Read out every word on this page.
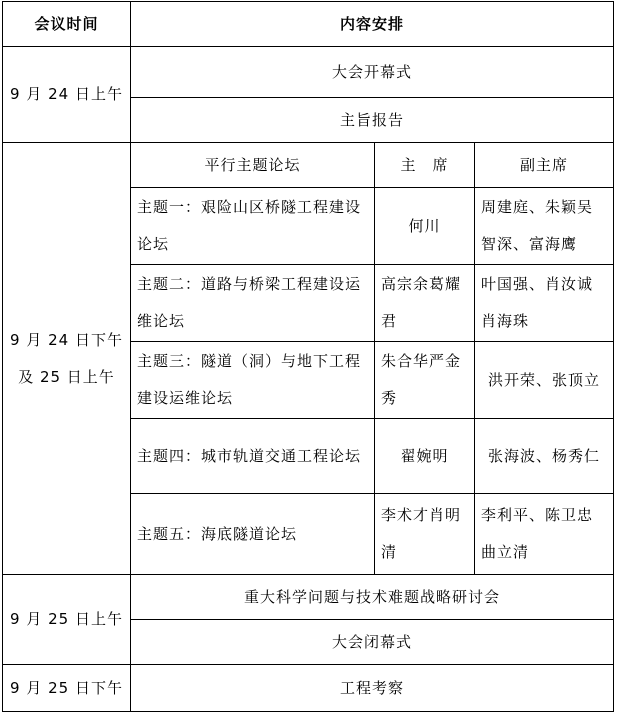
会议时间	内容安排		
9 月 24 日上午	大会开幕式		
	主旨报告		

9 月 24 日下午
及 25 日上午	平行主题论坛	主　席	副主席
	主题一：艰险山区桥隧工程建设论坛	何川	周建庭、朱颖吴智深、富海鹰
	主题二：道路与桥梁工程建设运维论坛	高宗余葛耀君	叶国强、肖汝诚肖海珠
	主题三：隧道（洞）与地下工程建设运维论坛	朱合华严金秀	洪开荣、张顶立
	主题四：城市轨道交通工程论坛	翟婉明	张海波、杨秀仁
	主题五：海底隧道论坛	李术才肖明清	李利平、陈卫忠曲立清
9 月 25 日上午	重大科学问题与技术难题战略研讨会		
	大会闭幕式		
9 月 25 日下午	工程考察		
